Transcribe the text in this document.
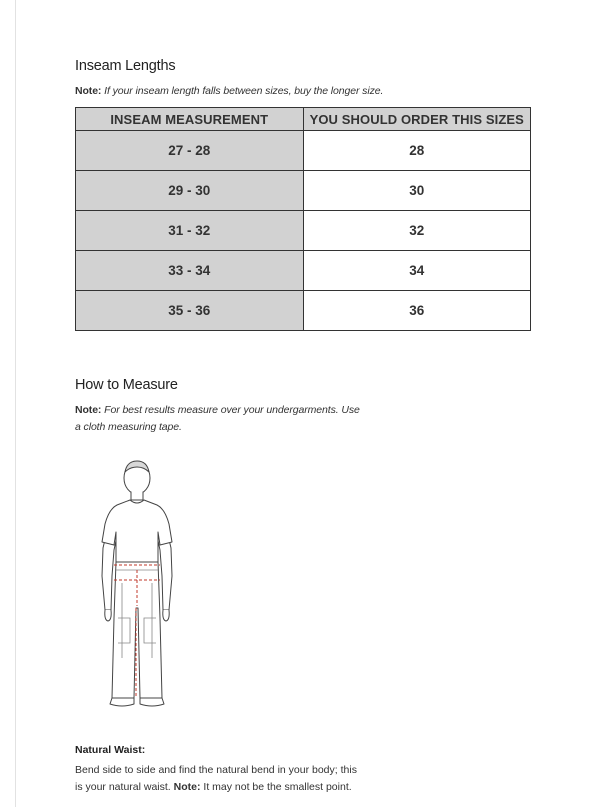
Inseam Lengths
Note: If your inseam length falls between sizes, buy the longer size.
INSEAM MEASUREMENT	YOU SHOULD ORDER THIS SIZES
27 - 28	28
29 - 30	30
31 - 32	32
33 - 34	34
35 - 36	36
How to Measure
Note: For best results measure over your undergarments. Use
a cloth measuring tape.
Natural Waist:
Bend side to side and find the natural bend in your body; this
is your natural waist. Note: It may not be the smallest point.
